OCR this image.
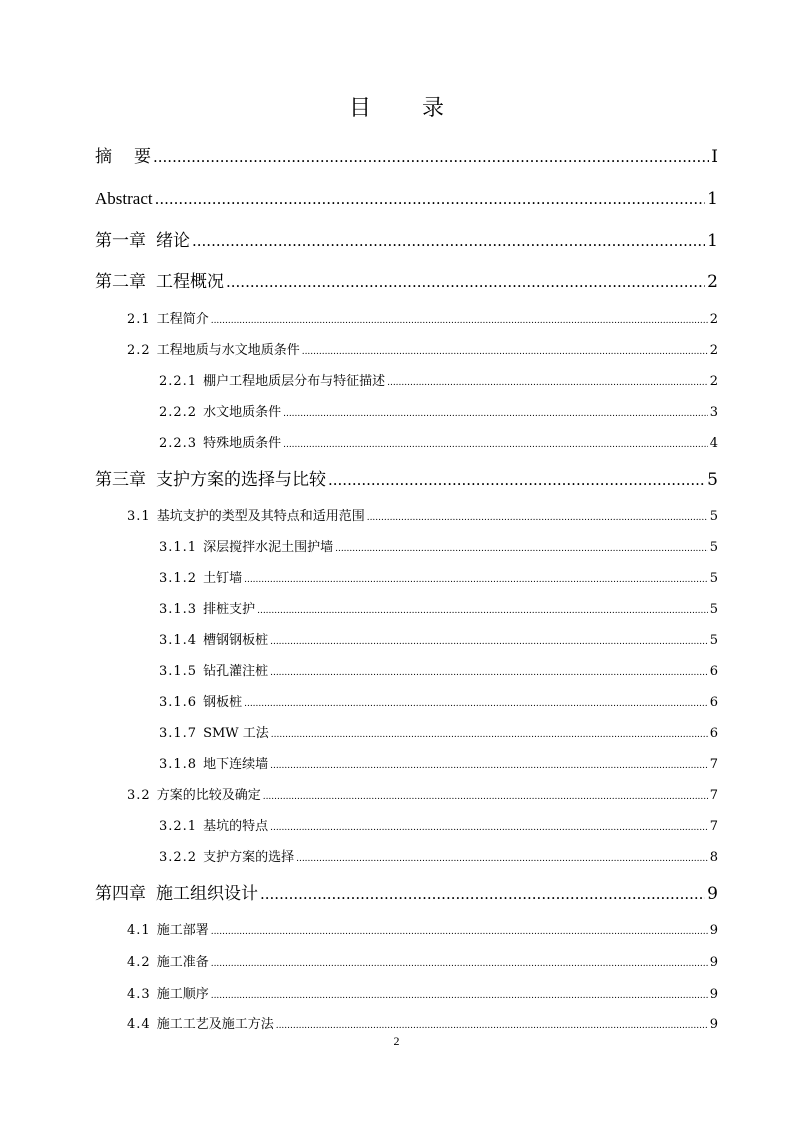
目 录
摘 要 .....	I
Abstract .....	1
第一章 绪论 .....	1
第二章 工程概况 .....	2
2.1 工程简介 .....	2
2.2 工程地质与水文地质条件 .....	2
2.2.1 棚户工程地质层分布与特征描述 .....	2
2.2.2 水文地质条件 .....	3
2.2.3 特殊地质条件 .....	4
第三章 支护方案的选择与比较 .....	5
3.1 基坑支护的类型及其特点和适用范围 .....	5
3.1.1 深层搅拌水泥土围护墙 .....	5
3.1.2 土钉墙 .....	5
3.1.3 排桩支护 .....	5
3.1.4 槽钢钢板桩 .....	5
3.1.5 钻孔灌注桩 .....	6
3.1.6 钢板桩 .....	6
3.1.7 SMW 工法 .....	6
3.1.8 地下连续墙 .....	7
3.2 方案的比较及确定 .....	7
3.2.1 基坑的特点 .....	7
3.2.2 支护方案的选择 .....	8
第四章 施工组织设计 .....	9
4.1 施工部署 .....	9
4.2 施工准备 .....	9
4.3 施工顺序 .....	9
4.4 施工工艺及施工方法 .....	9
2
